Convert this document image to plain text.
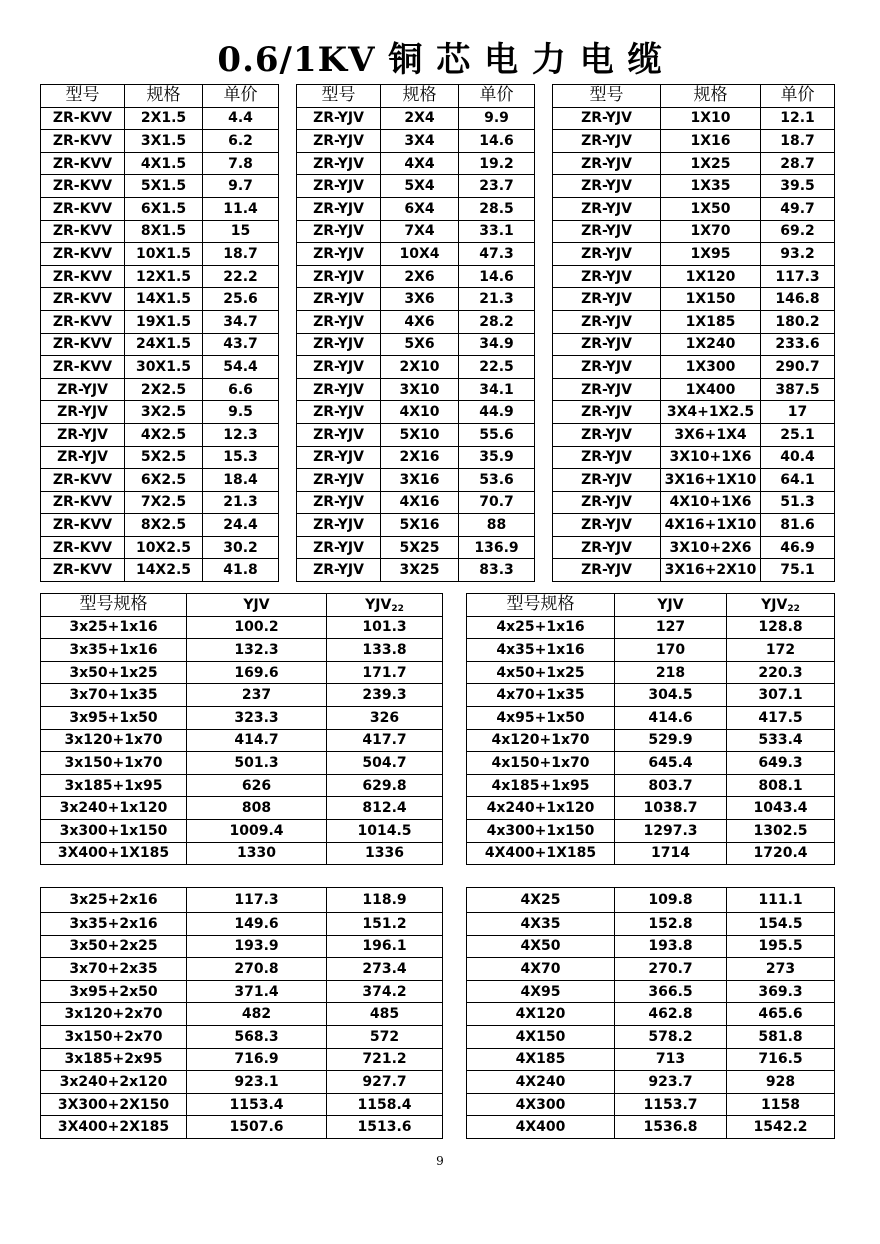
0.6/1KV 铜 芯 电 力 电 缆
型号	规格	单价		型号	规格	单价		型号	规格	单价
ZR-KVV	2X1.5	4.4		ZR-YJV	2X4	9.9		ZR-YJV	1X10	12.1
ZR-KVV	3X1.5	6.2		ZR-YJV	3X4	14.6		ZR-YJV	1X16	18.7
ZR-KVV	4X1.5	7.8		ZR-YJV	4X4	19.2		ZR-YJV	1X25	28.7
ZR-KVV	5X1.5	9.7		ZR-YJV	5X4	23.7		ZR-YJV	1X35	39.5
ZR-KVV	6X1.5	11.4		ZR-YJV	6X4	28.5		ZR-YJV	1X50	49.7
ZR-KVV	8X1.5	15		ZR-YJV	7X4	33.1		ZR-YJV	1X70	69.2
ZR-KVV	10X1.5	18.7		ZR-YJV	10X4	47.3		ZR-YJV	1X95	93.2
ZR-KVV	12X1.5	22.2		ZR-YJV	2X6	14.6		ZR-YJV	1X120	117.3
ZR-KVV	14X1.5	25.6		ZR-YJV	3X6	21.3		ZR-YJV	1X150	146.8
ZR-KVV	19X1.5	34.7		ZR-YJV	4X6	28.2		ZR-YJV	1X185	180.2
ZR-KVV	24X1.5	43.7		ZR-YJV	5X6	34.9		ZR-YJV	1X240	233.6
ZR-KVV	30X1.5	54.4		ZR-YJV	2X10	22.5		ZR-YJV	1X300	290.7
ZR-YJV	2X2.5	6.6		ZR-YJV	3X10	34.1		ZR-YJV	1X400	387.5
ZR-YJV	3X2.5	9.5		ZR-YJV	4X10	44.9		ZR-YJV	3X4+1X2.5	17
ZR-YJV	4X2.5	12.3		ZR-YJV	5X10	55.6		ZR-YJV	3X6+1X4	25.1
ZR-YJV	5X2.5	15.3		ZR-YJV	2X16	35.9		ZR-YJV	3X10+1X6	40.4
ZR-KVV	6X2.5	18.4		ZR-YJV	3X16	53.6		ZR-YJV	3X16+1X10	64.1
ZR-KVV	7X2.5	21.3		ZR-YJV	4X16	70.7		ZR-YJV	4X10+1X6	51.3
ZR-KVV	8X2.5	24.4		ZR-YJV	5X16	88		ZR-YJV	4X16+1X10	81.6
ZR-KVV	10X2.5	30.2		ZR-YJV	5X25	136.9		ZR-YJV	3X10+2X6	46.9
ZR-KVV	14X2.5	41.8		ZR-YJV	3X25	83.3		ZR-YJV	3X16+2X10	75.1
型号规格	YJV	$YJV_{22}$		型号规格	YJV	$YJV_{22}$
3x25+1x16	100.2	101.3		4x25+1x16	127	128.8
3x35+1x16	132.3	133.8		4x35+1x16	170	172
3x50+1x25	169.6	171.7		4x50+1x25	218	220.3
3x70+1x35	237	239.3		4x70+1x35	304.5	307.1
3x95+1x50	323.3	326		4x95+1x50	414.6	417.5
3x120+1x70	414.7	417.7		4x120+1x70	529.9	533.4
3x150+1x70	501.3	504.7		4x150+1x70	645.4	649.3
3x185+1x95	626	629.8		4x185+1x95	803.7	808.1
3x240+1x120	808	812.4		4x240+1x120	1038.7	1043.4
3x300+1x150	1009.4	1014.5		4x300+1x150	1297.3	1302.5
3X400+1X185	1330	1336		4X400+1X185	1714	1720.4
3x25+2x16	117.3	118.9		4X25	109.8	111.1
3x35+2x16	149.6	151.2		4X35	152.8	154.5
3x50+2x25	193.9	196.1		4X50	193.8	195.5
3x70+2x35	270.8	273.4		4X70	270.7	273
3x95+2x50	371.4	374.2		4X95	366.5	369.3
3x120+2x70	482	485		4X120	462.8	465.6
3x150+2x70	568.3	572		4X150	578.2	581.8
3x185+2x95	716.9	721.2		4X185	713	716.5
3x240+2x120	923.1	927.7		4X240	923.7	928
3X300+2X150	1153.4	1158.4		4X300	1153.7	1158
3X400+2X185	1507.6	1513.6		4X400	1536.8	1542.2
9
